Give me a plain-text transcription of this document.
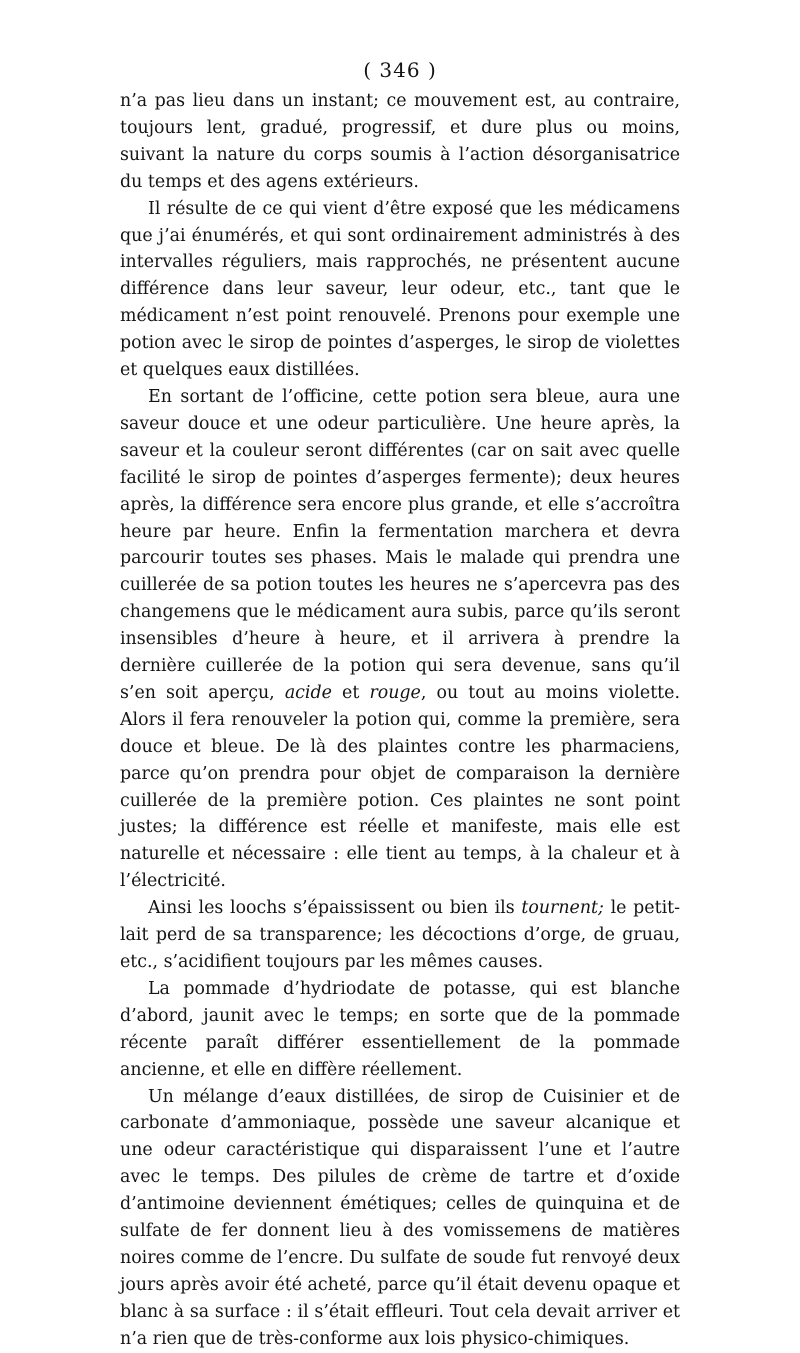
( 346 )

n’a pas lieu dans un instant; ce mouvement est, au contraire, toujours lent, gradué, progressif, et dure plus ou moins, suivant la nature du corps soumis à l’action désorganisatrice du temps et des agens extérieurs.

Il résulte de ce qui vient d’être exposé que les médicamens que j’ai énumérés, et qui sont ordinairement administrés à des intervalles réguliers, mais rapprochés, ne présentent aucune différence dans leur saveur, leur odeur, etc., tant que le médicament n’est point renouvelé. Prenons pour exemple une potion avec le sirop de pointes d’asperges, le sirop de violettes et quelques eaux distillées.

En sortant de l’officine, cette potion sera bleue, aura une saveur douce et une odeur particulière. Une heure après, la saveur et la couleur seront différentes (car on sait avec quelle facilité le sirop de pointes d’asperges fermente); deux heures après, la différence sera encore plus grande, et elle s’accroîtra heure par heure. Enfin la fermentation marchera et devra parcourir toutes ses phases. Mais le malade qui prendra une cuillerée de sa potion toutes les heures ne s’apercevra pas des changemens que le médicament aura subis, parce qu’ils seront insensibles d’heure à heure, et il arrivera à prendre la dernière cuillerée de la potion qui sera devenue, sans qu’il s’en soit aperçu, acide et rouge, ou tout au moins violette. Alors il fera renouveler la potion qui, comme la première, sera douce et bleue. De là des plaintes contre les pharmaciens, parce qu’on prendra pour objet de comparaison la dernière cuillerée de la première potion. Ces plaintes ne sont point justes; la différence est réelle et manifeste, mais elle est naturelle et nécessaire : elle tient au temps, à la chaleur et à l’électricité.

Ainsi les loochs s’épaississent ou bien ils tournent; le petit-lait perd de sa transparence; les décoctions d’orge, de gruau, etc., s’acidifient toujours par les mêmes causes.

La pommade d’hydriodate de potasse, qui est blanche d’abord, jaunit avec le temps; en sorte que de la pommade récente paraît différer essentiellement de la pommade ancienne, et elle en diffère réellement.

Un mélange d’eaux distillées, de sirop de Cuisinier et de carbonate d’ammoniaque, possède une saveur alcanique et une odeur caractéristique qui disparaissent l’une et l’autre avec le temps. Des pilules de crème de tartre et d’oxide d’antimoine deviennent émétiques; celles de quinquina et de sulfate de fer donnent lieu à des vomissemens de matières noires comme de l’encre. Du sulfate de soude fut renvoyé deux jours après avoir été acheté, parce qu’il était devenu opaque et blanc à sa surface : il s’était effleuri. Tout cela devait arriver et n’a rien que de très-conforme aux lois physico-chimiques.
